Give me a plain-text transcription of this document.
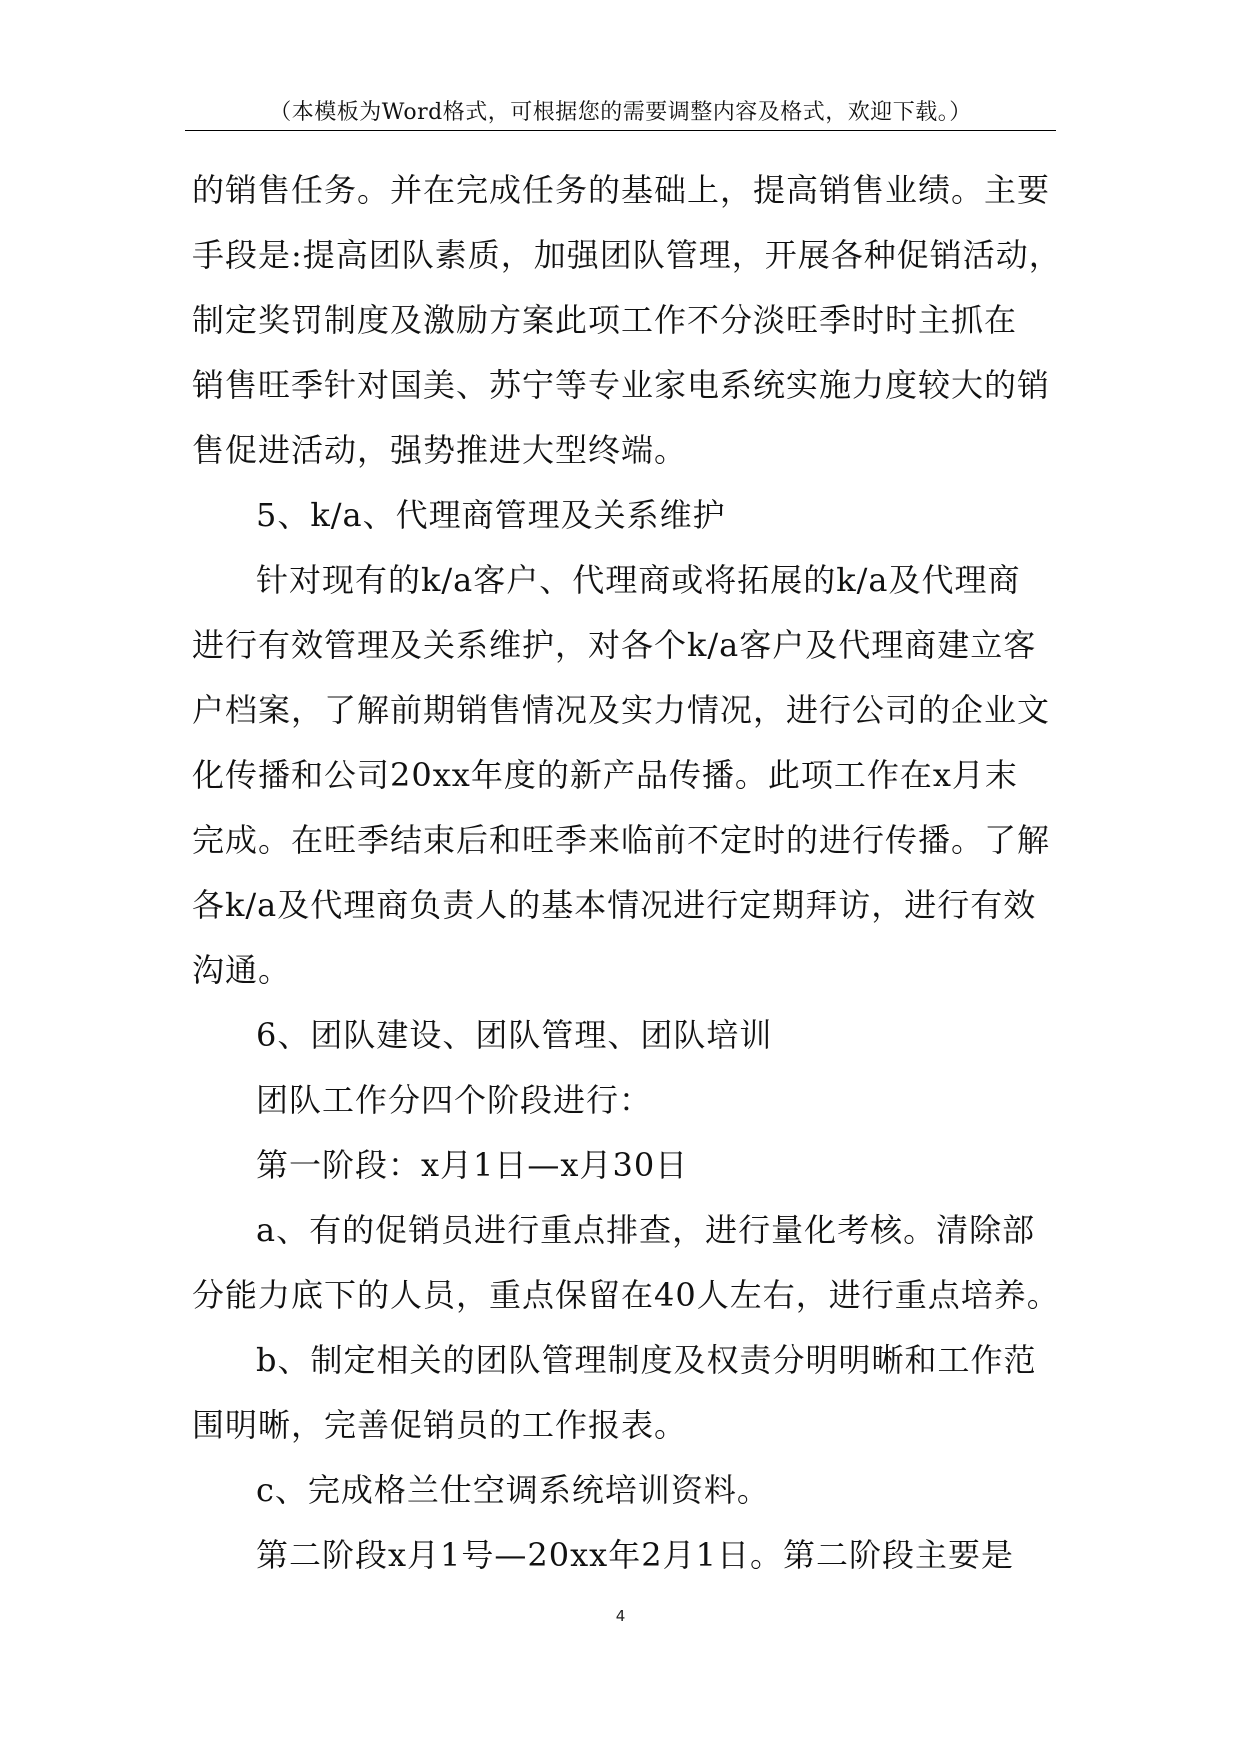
（本模板为Word格式，可根据您的需要调整内容及格式，欢迎下载。）
的销售任务。并在完成任务的基础上，提高销售业绩。主要
手段是:提高团队素质，加强团队管理，开展各种促销活动，
制定奖罚制度及激励方案此项工作不分淡旺季时时主抓在
销售旺季针对国美、苏宁等专业家电系统实施力度较大的销
售促进活动，强势推进大型终端。
5、k/a、代理商管理及关系维护
针对现有的k/a客户、代理商或将拓展的k/a及代理商
进行有效管理及关系维护，对各个k/a客户及代理商建立客
户档案，了解前期销售情况及实力情况，进行公司的企业文
化传播和公司20xx年度的新产品传播。此项工作在x月末
完成。在旺季结束后和旺季来临前不定时的进行传播。了解
各k/a及代理商负责人的基本情况进行定期拜访，进行有效
沟通。
6、团队建设、团队管理、团队培训
团队工作分四个阶段进行：
第一阶段：x月1日—x月30日
a、有的促销员进行重点排查，进行量化考核。清除部
分能力底下的人员，重点保留在40人左右，进行重点培养。
b、制定相关的团队管理制度及权责分明明晰和工作范
围明晰，完善促销员的工作报表。
c、完成格兰仕空调系统培训资料。
第二阶段x月1号—20xx年2月1日。第二阶段主要是
4
